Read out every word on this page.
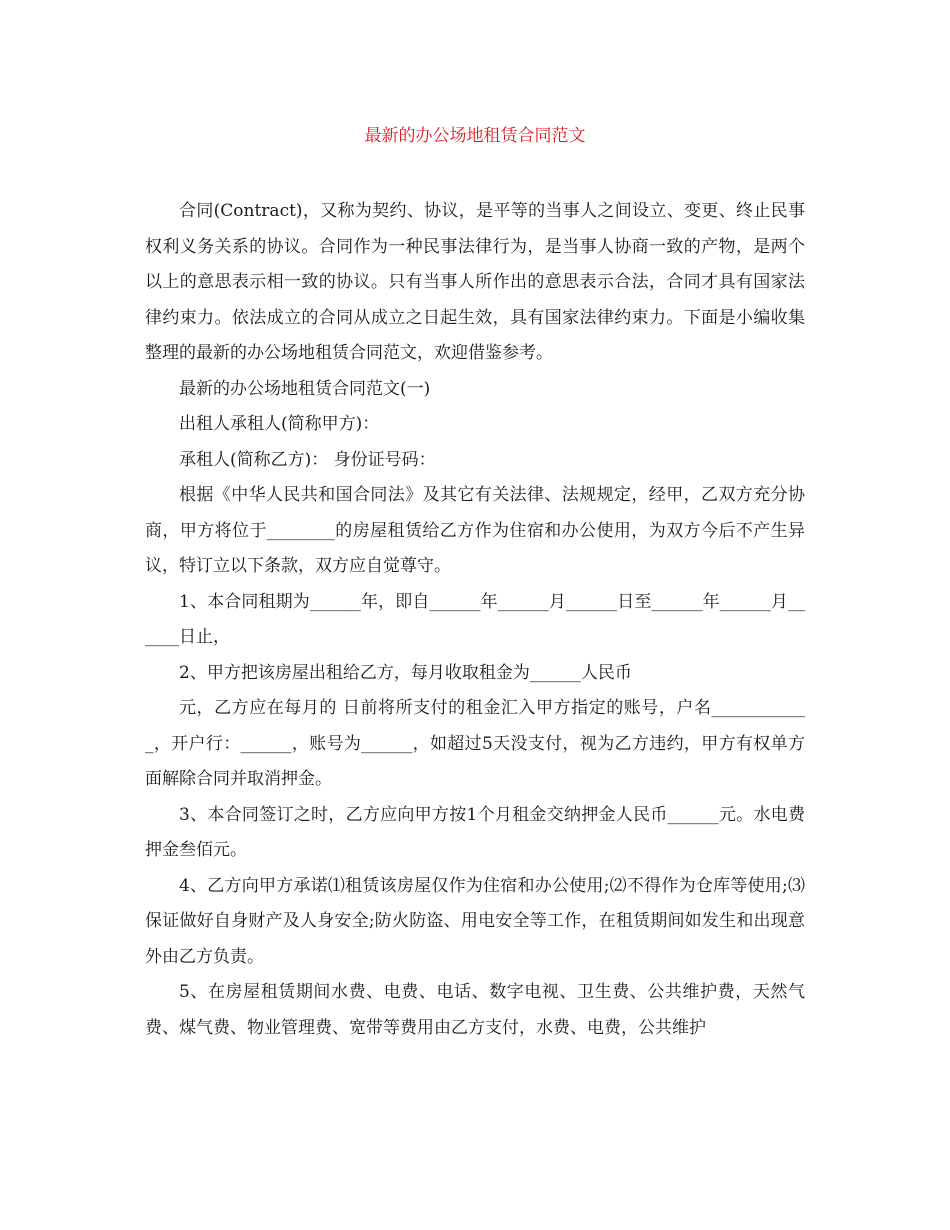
最新的办公场地租赁合同范文

合同(Contract)，又称为契约、协议，是平等的当事人之间设立、变更、终止民事权利义务关系的协议。合同作为一种民事法律行为，是当事人协商一致的产物，是两个以上的意思表示相一致的协议。只有当事人所作出的意思表示合法，合同才具有国家法律约束力。依法成立的合同从成立之日起生效，具有国家法律约束力。下面是小编收集整理的最新的办公场地租赁合同范文，欢迎借鉴参考。

最新的办公场地租赁合同范文(一)

出租人承租人(简称甲方)：

承租人(简称乙方)： 身份证号码：

根据《中华人民共和国合同法》及其它有关法律、法规规定，经甲，乙双方充分协商，甲方将位于________的房屋租赁给乙方作为住宿和办公使用，为双方今后不产生异议，特订立以下条款，双方应自觉尊守。

1、本合同租期为______年，即自______年______月______日至______年______月______日止，

2、甲方把该房屋出租给乙方，每月收取租金为______人民币

元，乙方应在每月的 日前将所支付的租金汇入甲方指定的账号，户名____________，开户行：______，账号为______，如超过5天没支付，视为乙方违约，甲方有权单方面解除合同并取消押金。

3、本合同签订之时，乙方应向甲方按1个月租金交纳押金人民币______元。水电费押金叁佰元。

4、乙方向甲方承诺⑴租赁该房屋仅作为住宿和办公使用;⑵不得作为仓库等使用;⑶保证做好自身财产及人身安全;防火防盗、用电安全等工作，在租赁期间如发生和出现意外由乙方负责。

5、在房屋租赁期间水费、电费、电话、数字电视、卫生费、公共维护费，天然气费、煤气费、物业管理费、宽带等费用由乙方支付，水费、电费，公共维护
